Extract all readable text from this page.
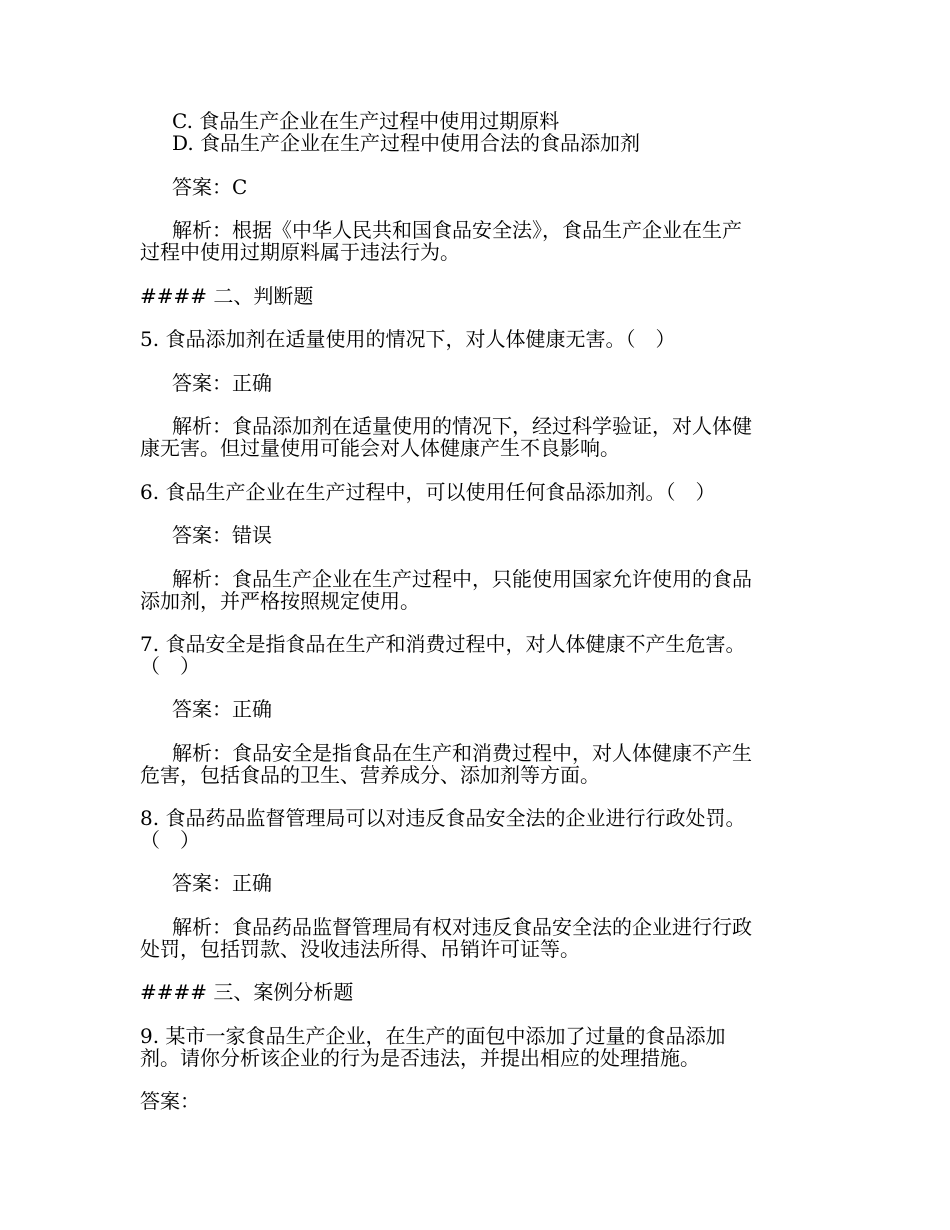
C. 食品生产企业在生产过程中使用过期原料
D. 食品生产企业在生产过程中使用合法的食品添加剂
答案：C
解析：根据《中华人民共和国食品安全法》，食品生产企业在生产
过程中使用过期原料属于违法行为。
#### 二、判断题
5. 食品添加剂在适量使用的情况下，对人体健康无害。（　）
答案：正确
解析：食品添加剂在适量使用的情况下，经过科学验证，对人体健
康无害。但过量使用可能会对人体健康产生不良影响。
6. 食品生产企业在生产过程中，可以使用任何食品添加剂。（　）
答案：错误
解析：食品生产企业在生产过程中，只能使用国家允许使用的食品
添加剂，并严格按照规定使用。
7. 食品安全是指食品在生产和消费过程中，对人体健康不产生危害。
（　）
答案：正确
解析：食品安全是指食品在生产和消费过程中，对人体健康不产生
危害，包括食品的卫生、营养成分、添加剂等方面。
8. 食品药品监督管理局可以对违反食品安全法的企业进行行政处罚。
（　）
答案：正确
解析：食品药品监督管理局有权对违反食品安全法的企业进行行政
处罚，包括罚款、没收违法所得、吊销许可证等。
#### 三、案例分析题
9. 某市一家食品生产企业，在生产的面包中添加了过量的食品添加
剂。请你分析该企业的行为是否违法，并提出相应的处理措施。
答案：
